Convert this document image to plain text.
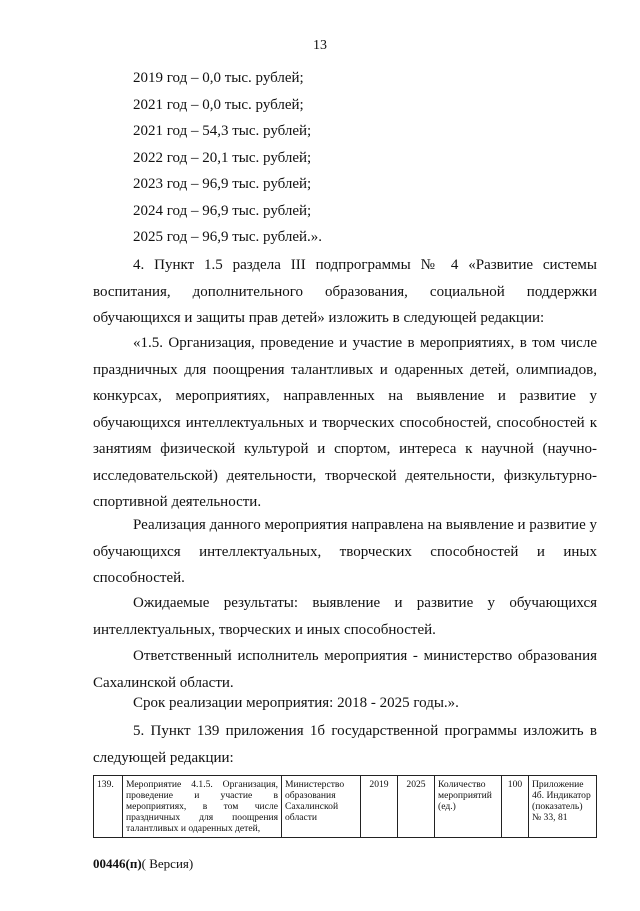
13
2019 год – 0,0 тыс. рублей;
2021 год – 0,0 тыс. рублей;
2021 год – 54,3 тыс. рублей;
2022 год – 20,1 тыс. рублей;
2023 год – 96,9 тыс. рублей;
2024 год – 96,9 тыс. рублей;
2025 год – 96,9 тыс. рублей.».
4. Пункт 1.5 раздела III подпрограммы № 4 «Развитие системы
воспитания, дополнительного образования, социальной поддержки
обучающихся и защиты прав детей» изложить в следующей редакции:
«1.5. Организация, проведение и участие в мероприятиях, в том числе
праздничных для поощрения талантливых и одаренных детей, олимпиадов,
конкурсах, мероприятиях, направленных на выявление и развитие у
обучающихся интеллектуальных и творческих способностей, способностей к
занятиям физической культурой и спортом, интереса к научной (научно-
исследовательской) деятельности, творческой деятельности, физкультурно-
спортивной деятельности.
Реализация данного мероприятия направлена на выявление и развитие у
обучающихся интеллектуальных, творческих способностей и иных
способностей.
Ожидаемые результаты: выявление и развитие у обучающихся
интеллектуальных, творческих и иных способностей.
Ответственный исполнитель мероприятия - министерство образования
Сахалинской области.
Срок реализации мероприятия: 2018 - 2025 годы.».
5. Пункт 139 приложения 1б государственной программы изложить в
следующей редакции:
139.	Мероприятие 4.1.5. Организация, проведение и участие в мероприятиях, в том числе праздничных для поощрения талантливых и одаренных детей,	Министерство образования Сахалинской области	2019	2025	Количество мероприятий (ед.)	100	Приложение 4б. Индикатор (показатель) № 33, 81
00446(п)( Версия)
